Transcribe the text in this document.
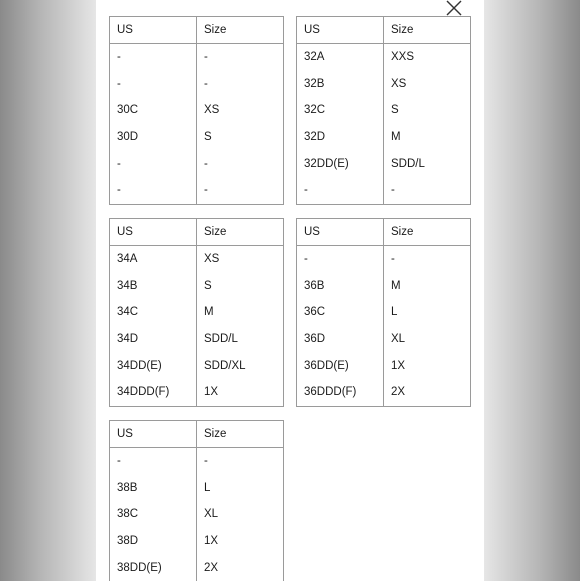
US	Size
-	-
-	-
30C	XS
30D	S
-	-
-	-
US	Size
32A	XXS
32B	XS
32C	S
32D	M
32DD(E)	SDD/L
-	-
US	Size
34A	XS
34B	S
34C	M
34D	SDD/L
34DD(E)	SDD/XL
34DDD(F)	1X
US	Size
-	-
36B	M
36C	L
36D	XL
36DD(E)	1X
36DDD(F)	2X
US	Size
-	-
38B	L
38C	XL
38D	1X
38DD(E)	2X
